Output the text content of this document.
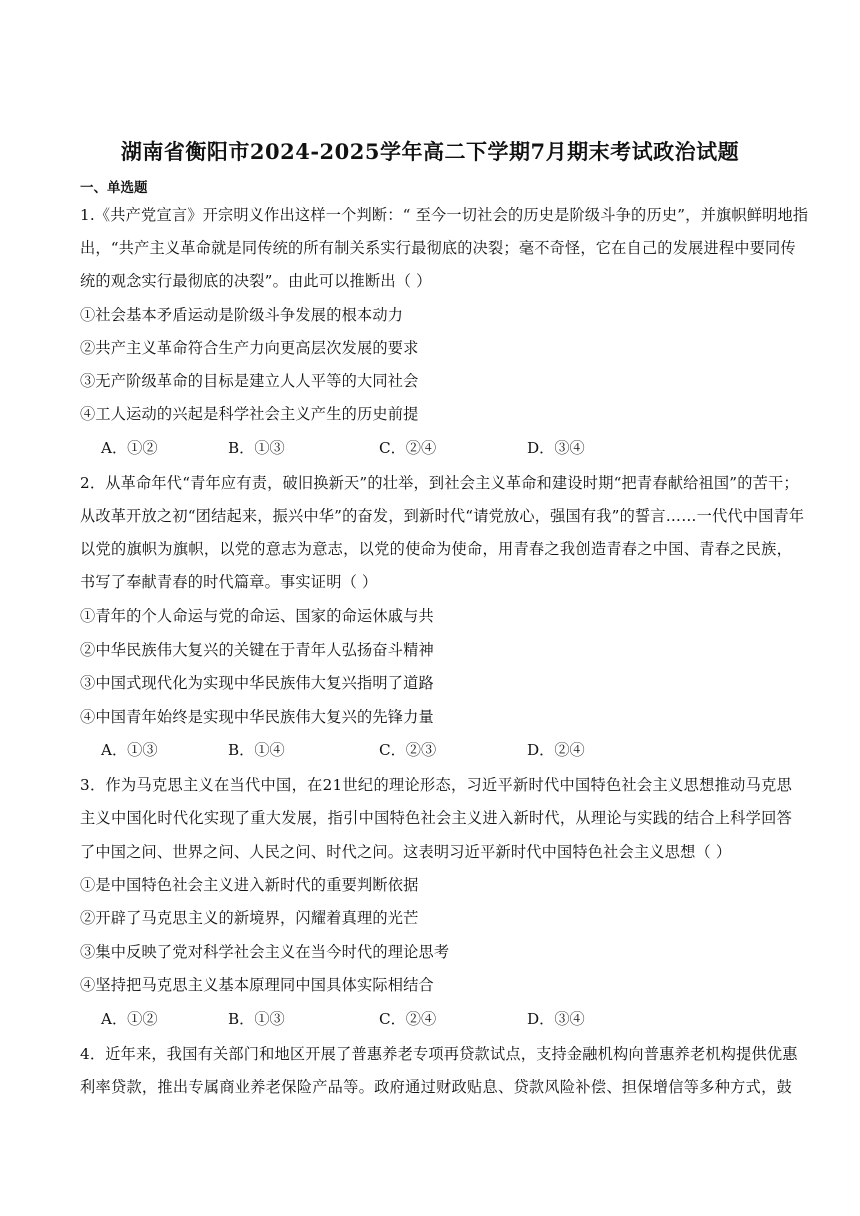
湖南省衡阳市2024-2025学年高二下学期7月期末考试政治试题
一、单选题
1.《共产党宣言》开宗明义作出这样一个判断：“ 至今一切社会的历史是阶级斗争的历史”，并旗帜鲜明地指
出，“共产主义革命就是同传统的所有制关系实行最彻底的决裂；毫不奇怪，它在自己的发展进程中要同传
统的观念实行最彻底的决裂”。由此可以推断出（ ）
①社会基本矛盾运动是阶级斗争发展的根本动力
②共产主义革命符合生产力向更高层次发展的要求
③无产阶级革命的目标是建立人人平等的大同社会
④工人运动的兴起是科学社会主义产生的历史前提
A．①②	B．①③	C．②④	D．③④
2．从革命年代“青年应有责，破旧换新天”的壮举，到社会主义革命和建设时期“把青春献给祖国”的苦干；
从改革开放之初“团结起来，振兴中华”的奋发，到新时代“请党放心，强国有我”的誓言……一代代中国青年
以党的旗帜为旗帜，以党的意志为意志，以党的使命为使命，用青春之我创造青春之中国、青春之民族，
书写了奉献青春的时代篇章。事实证明（ ）
①青年的个人命运与党的命运、国家的命运休戚与共
②中华民族伟大复兴的关键在于青年人弘扬奋斗精神
③中国式现代化为实现中华民族伟大复兴指明了道路
④中国青年始终是实现中华民族伟大复兴的先锋力量
A．①③	B．①④	C．②③	D．②④
3．作为马克思主义在当代中国，在21世纪的理论形态，习近平新时代中国特色社会主义思想推动马克思
主义中国化时代化实现了重大发展，指引中国特色社会主义进入新时代，从理论与实践的结合上科学回答
了中国之问、世界之问、人民之问、时代之问。这表明习近平新时代中国特色社会主义思想（ ）
①是中国特色社会主义进入新时代的重要判断依据
②开辟了马克思主义的新境界，闪耀着真理的光芒
③集中反映了党对科学社会主义在当今时代的理论思考
④坚持把马克思主义基本原理同中国具体实际相结合
A．①②	B．①③	C．②④	D．③④
4．近年来，我国有关部门和地区开展了普惠养老专项再贷款试点，支持金融机构向普惠养老机构提供优惠
利率贷款，推出专属商业养老保险产品等。政府通过财政贴息、贷款风险补偿、担保增信等多种方式，鼓
